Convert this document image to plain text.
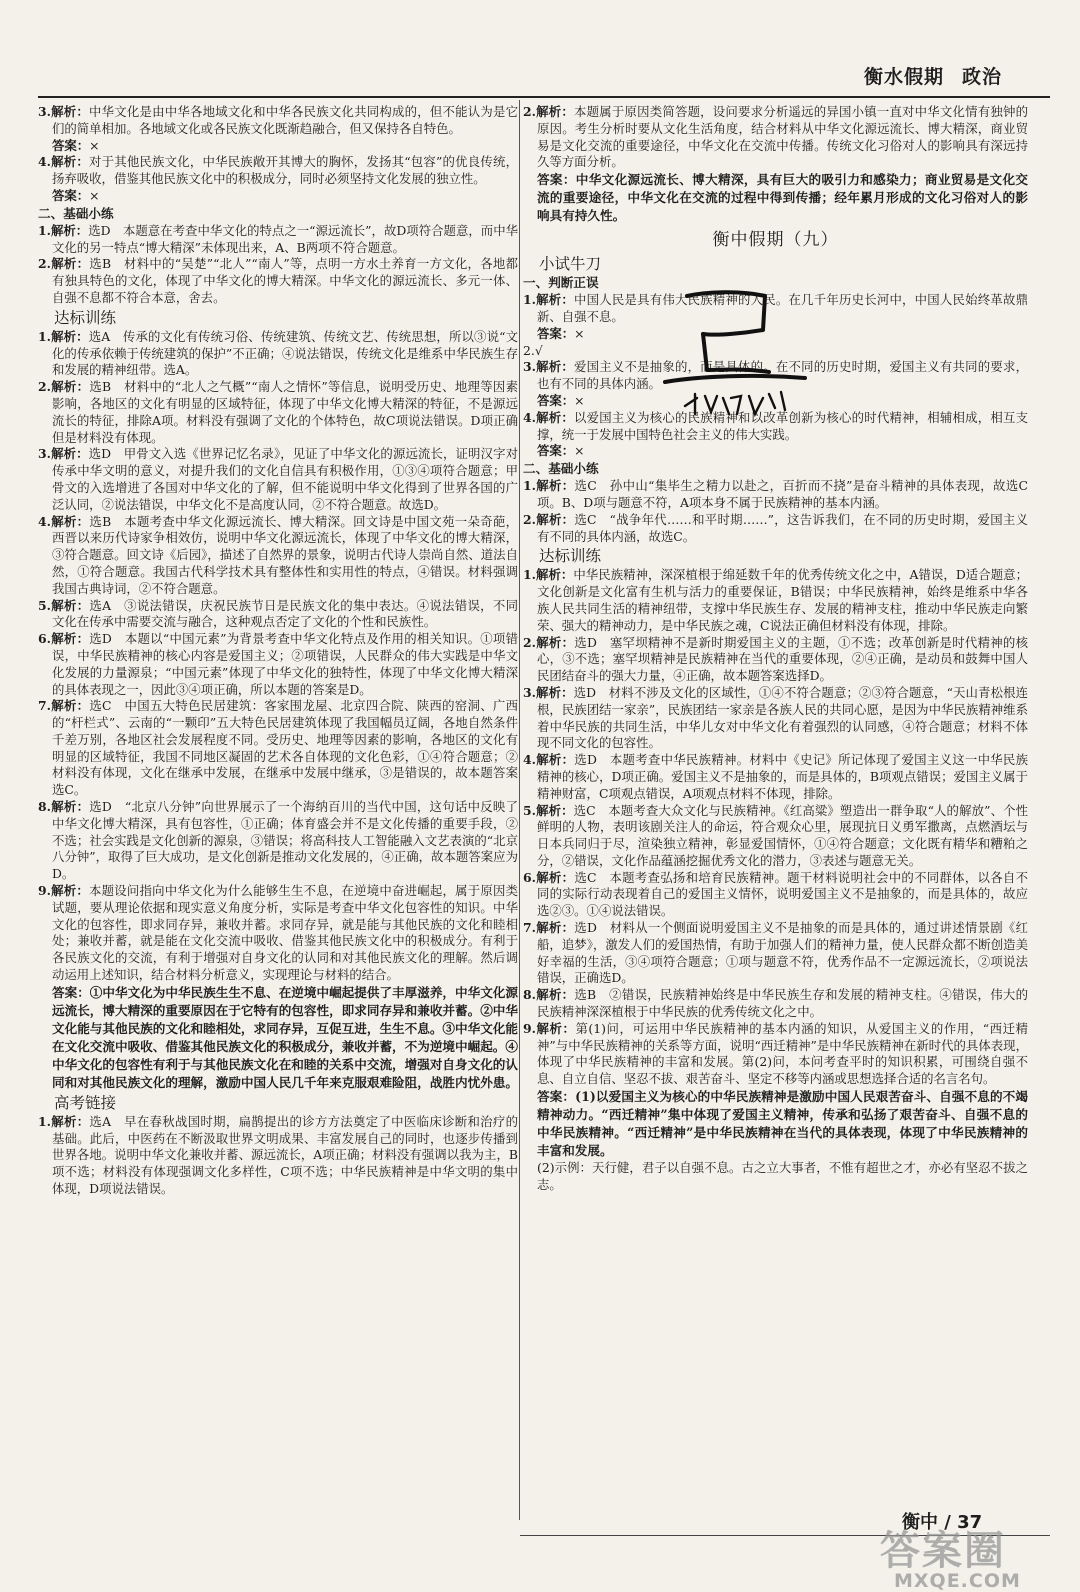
衡水假期 政治
3.解析：中华文化是由中华各地域文化和中华各民族文化共同构成的，但不能认为是它们的简单相加。各地域文化或各民族文化既渐趋融合，但又保持各自特色。
答案：×
4.解析：对于其他民族文化，中华民族敞开其博大的胸怀，发扬其“包容”的优良传统，扬弃吸收，借鉴其他民族文化中的积极成分，同时必须坚持文化发展的独立性。
答案：×
二、基础小练
1.解析：选D　本题意在考查中华文化的特点之一“源远流长”，故D项符合题意，而中华文化的另一特点“博大精深”未体现出来，A、B两项不符合题意。
2.解析：选B　材料中的“吴楚”“北人”“南人”等，点明一方水土养育一方文化，各地都有独具特色的文化，体现了中华文化的博大精深。中华文化的源远流长、多元一体、自强不息都不符合本意，舍去。
达标训练
1.解析：选A　传承的文化有传统习俗、传统建筑、传统文艺、传统思想，所以③说“文化的传承依赖于传统建筑的保护”不正确；④说法错误，传统文化是维系中华民族生存和发展的精神纽带。选A。
2.解析：选B　材料中的“北人之气概”“南人之情怀”等信息，说明受历史、地理等因素影响，各地区的文化有明显的区域特征，体现了中华文化博大精深的特征，不是源远流长的特征，排除A项。材料没有强调了文化的个体特色，故C项说法错误。D项正确但是材料没有体现。
3.解析：选D　甲骨文入选《世界记忆名录》，见证了中华文化的源远流长，证明汉字对传承中华文明的意义，对提升我们的文化自信具有积极作用，①③④项符合题意；甲骨文的入选增进了各国对中华文化的了解，但不能说明中华文化得到了世界各国的广泛认同，②说法错误，中华文化不是高度认同，②不符合题意。故选D。
4.解析：选B　本题考查中华文化源远流长、博大精深。回文诗是中国文苑一朵奇葩，西晋以来历代诗家争相效仿，说明中华文化源远流长，体现了中华文化的博大精深，③符合题意。回文诗《后园》，描述了自然界的景象，说明古代诗人崇尚自然、道法自然，①符合题意。我国古代科学技术具有整体性和实用性的特点，④错误。材料强调我国古典诗词，②不符合题意。
5.解析：选A　③说法错误，庆祝民族节日是民族文化的集中表达。④说法错误，不同文化在传承中需要交流与融合，这种观点否定了文化的个性和民族性。
6.解析：选D　本题以“中国元素”为背景考查中华文化特点及作用的相关知识。①项错误，中华民族精神的核心内容是爱国主义；②项错误，人民群众的伟大实践是中华文化发展的力量源泉；“中国元素”体现了中华文化的独特性，体现了中华文化博大精深的具体表现之一，因此③④项正确，所以本题的答案是D。
7.解析：选C　中国五大特色民居建筑：客家围龙屋、北京四合院、陕西的窑洞、广西的“杆栏式”、云南的“一颗印”五大特色民居建筑体现了我国幅员辽阔，各地自然条件千差万别，各地区社会发展程度不同。受历史、地理等因素的影响，各地区的文化有明显的区域特征，我国不同地区凝固的艺术各自体现的文化色彩，①④符合题意；②材料没有体现，文化在继承中发展，在继承中发展中继承，③是错误的，故本题答案选C。
8.解析：选D　“北京八分钟”向世界展示了一个海纳百川的当代中国，这句话中反映了中华文化博大精深，具有包容性，①正确；体育盛会并不是文化传播的重要手段，②不选；社会实践是文化创新的源泉，③错误；将高科技人工智能融入文艺表演的“北京八分钟”，取得了巨大成功，是文化创新是推动文化发展的，④正确，故本题答案应为D。
9.解析：本题设问指向中华文化为什么能够生生不息，在逆境中奋进崛起，属于原因类试题，要从理论依据和现实意义角度分析，实际是考查中华文化包容性的知识。中华文化的包容性，即求同存异，兼收并蓄。求同存异，就是能与其他民族的文化和睦相处；兼收并蓄，就是能在文化交流中吸收、借鉴其他民族文化中的积极成分。有利于各民族文化的交流，有利于增强对自身文化的认同和对其他民族文化的理解。然后调动运用上述知识，结合材料分析意义，实现理论与材料的结合。
答案：①中华文化为中华民族生生不息、在逆境中崛起提供了丰厚滋养，中华文化源远流长，博大精深的重要原因在于它特有的包容性，即求同存异和兼收并蓄。②中华文化能与其他民族的文化和睦相处，求同存异，互促互进，生生不息。③中华文化能在文化交流中吸收、借鉴其他民族文化的积极成分，兼收并蓄，不为逆境中崛起。④中华文化的包容性有利于与其他民族文化在和睦的关系中交流，增强对自身文化的认同和对其他民族文化的理解，激励中国人民几千年来克服艰难险阻，战胜内忧外患。
高考链接
1.解析：选A　早在春秋战国时期，扁鹊提出的诊方方法奠定了中医临床诊断和治疗的基础。此后，中医药在不断汲取世界文明成果、丰富发展自己的同时，也逐步传播到世界各地。说明中华文化兼收并蓄、源远流长，A项正确；材料没有强调以我为主，B项不选；材料没有体现强调文化多样性，C项不选；中华民族精神是中华文明的集中体现，D项说法错误。
2.解析：本题属于原因类简答题，设问要求分析遥远的异国小镇一直对中华文化情有独钟的原因。考生分析时要从文化生活角度，结合材料从中华文化源远流长、博大精深，商业贸易是文化交流的重要途径，中华文化在交流中传播。传统文化习俗对人的影响具有深远持久等方面分析。
答案：中华文化源远流长、博大精深，具有巨大的吸引力和感染力；商业贸易是文化交流的重要途径，中华文化在交流的过程中得到传播；经年累月形成的文化习俗对人的影响具有持久性。
衡中假期（九）
小试牛刀
一、判断正误
1.解析：中国人民是具有伟大民族精神的人民。在几千年历史长河中，中国人民始终革故鼎新、自强不息。
答案：×
2.√
3.解析：爱国主义不是抽象的，而是具体的。在不同的历史时期，爱国主义有共同的要求，也有不同的具体内涵。
答案：×
4.解析：以爱国主义为核心的民族精神和以改革创新为核心的时代精神，相辅相成，相互支撑，统一于发展中国特色社会主义的伟大实践。
答案：×
二、基础小练
1.解析：选C　孙中山“集毕生之精力以赴之，百折而不挠”是奋斗精神的具体表现，故选C项。B、D项与题意不符，A项本身不属于民族精神的基本内涵。
2.解析：选C　“战争年代……和平时期……”，这告诉我们，在不同的历史时期，爱国主义有不同的具体内涵，故选C。
达标训练
1.解析：中华民族精神，深深植根于绵延数千年的优秀传统文化之中，A错误，D适合题意；文化创新是文化富有生机与活力的重要保证，B错误；中华民族精神，始终是维系中华各族人民共同生活的精神纽带，支撑中华民族生存、发展的精神支柱，推动中华民族走向繁荣、强大的精神动力，是中华民族之魂，C说法正确但材料没有体现，排除。
2.解析：选D　塞罕坝精神不是新时期爱国主义的主题，①不选；改革创新是时代精神的核心，③不选；塞罕坝精神是民族精神在当代的重要体现，②④正确，是动员和鼓舞中国人民团结奋斗的强大力量，④正确，故本题答案选择D。
3.解析：选D　材料不涉及文化的区域性，①④不符合题意；②③符合题意，“天山青松根连根，民族团结一家亲”，民族团结一家亲是各族人民的共同心愿，是因为中华民族精神维系着中华民族的共同生活，中华儿女对中华文化有着强烈的认同感，④符合题意；材料不体现不同文化的包容性。
4.解析：选D　本题考查中华民族精神。材料中《史记》所记体现了爱国主义这一中华民族精神的核心，D项正确。爱国主义不是抽象的，而是具体的，B项观点错误；爱国主义属于精神财富，C项观点错误，A项观点材料不体现，排除。
5.解析：选C　本题考查大众文化与民族精神。《红高粱》塑造出一群争取“人的解放”、个性鲜明的人物，表明该剧关注人的命运，符合观众心里，展现抗日义勇军撒离，点燃酒坛与日本兵同归于尽，渲染独立精神，彰显爱国情怀，①④符合题意；文化既有精华和糟粕之分，②错误，文化作品蕴涵挖掘优秀文化的潜力，③表述与题意无关。
6.解析：选C　本题考查弘扬和培育民族精神。题干材料说明社会中的不同群体，以各自不同的实际行动表现着自己的爱国主义情怀，说明爱国主义不是抽象的，而是具体的，故应选②③。①④说法错误。
7.解析：选D　材料从一个侧面说明爱国主义不是抽象的而是具体的，通过讲述情景剧《红船，追梦》，激发人们的爱国热情，有助于加强人们的精神力量，使人民群众都不断创造美好幸福的生活，③④项符合题意；①项与题意不符，优秀作品不一定源远流长，②项说法错误，正确选D。
8.解析：选B　②错误，民族精神始终是中华民族生存和发展的精神支柱。④错误，伟大的民族精神深深植根于中华民族的优秀传统文化之中。
9.解析：第(1)问，可运用中华民族精神的基本内涵的知识，从爱国主义的作用，“西迁精神”与中华民族精神的关系等方面，说明“西迁精神”是中华民族精神在新时代的具体表现，体现了中华民族精神的丰富和发展。第(2)问，本问考查平时的知识积累，可围绕自强不息、自立自信、坚忍不拔、艰苦奋斗、坚定不移等内涵或思想选择合适的名言名句。
答案：(1)以爱国主义为核心的中华民族精神是激励中国人民艰苦奋斗、自强不息的不竭精神动力。“西迁精神”集中体现了爱国主义精神，传承和弘扬了艰苦奋斗、自强不息的中华民族精神。“西迁精神”是中华民族精神在当代的具体表现，体现了中华民族精神的丰富和发展。
(2)示例：天行健，君子以自强不息。古之立大事者，不惟有超世之才，亦必有坚忍不拔之志。
衡中 / 37
答案圈
MXQE.COM
